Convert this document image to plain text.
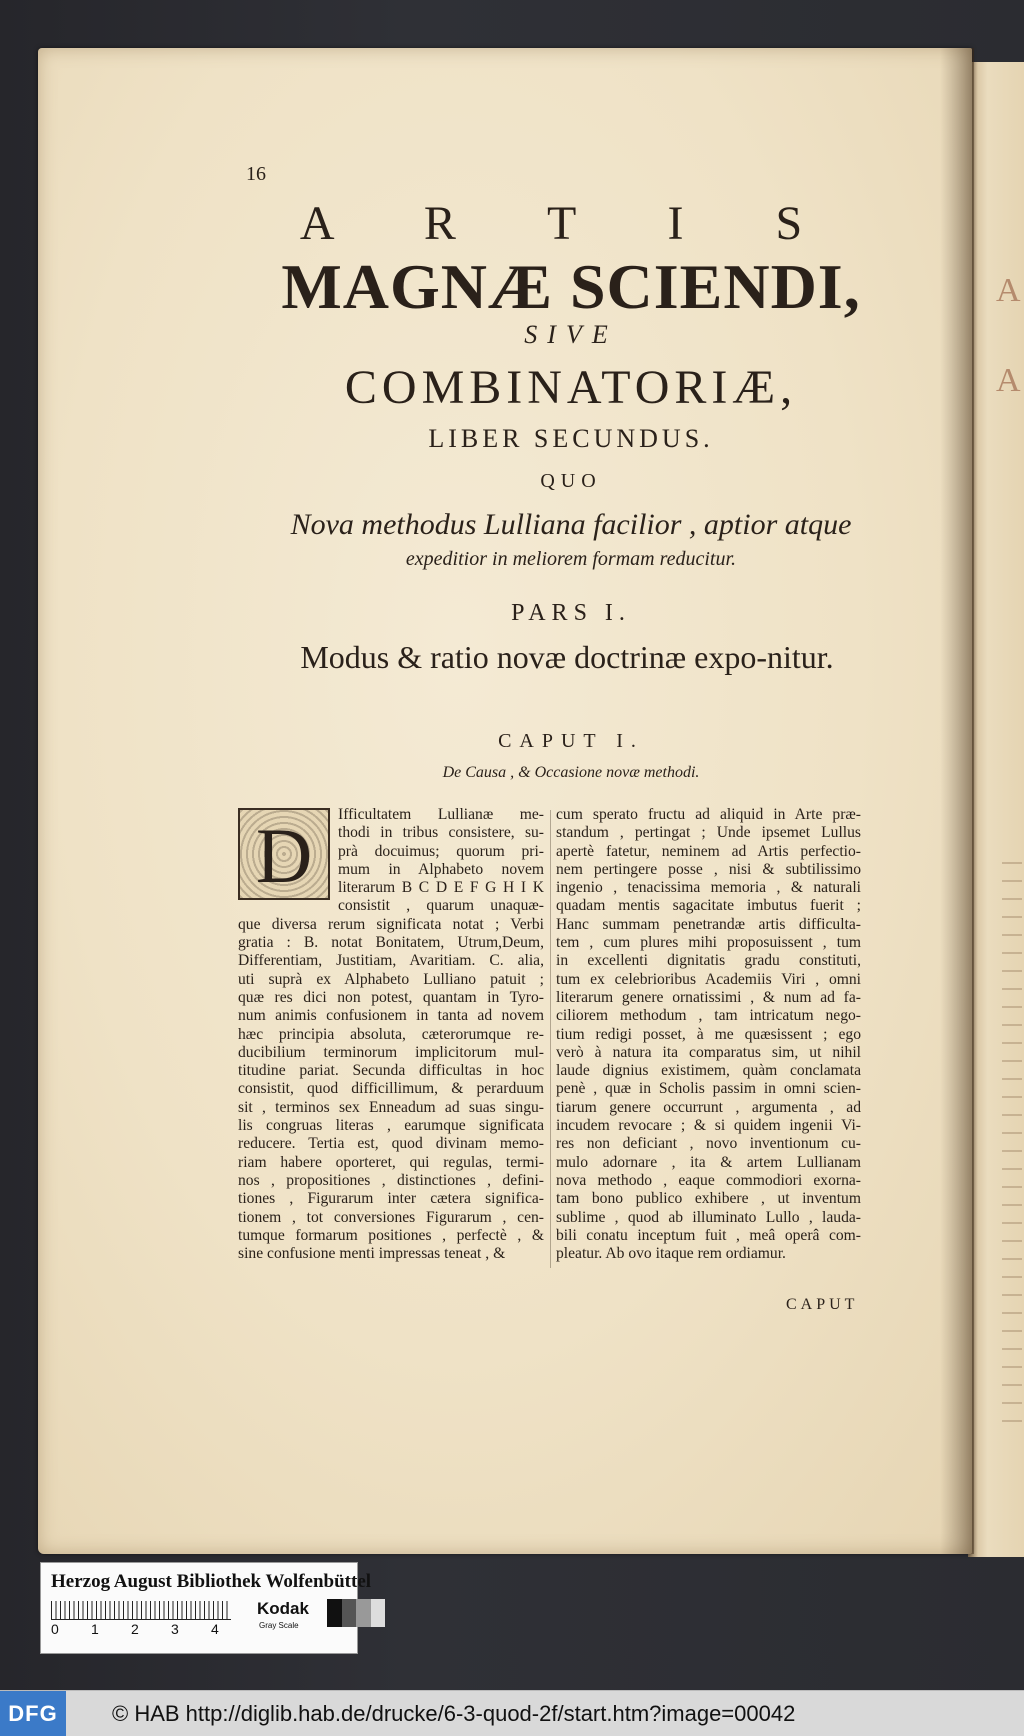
A
A
16
A R T I S
MAGNÆ SCIENDI,
SIVE
COMBINATORIÆ,
LIBER SECUNDUS.
QUO
Nova methodus Lulliana facilior , aptior atque
expeditior in meliorem formam reducitur.
PARS I.
Modus & ratio novæ doctrinæ expo-nitur.
CAPUT I.
De Causa , & Occasione novæ methodi.
D	Ifficultatem Lullianæ me-
thodi in tribus consistere, su-
prà docuimus; quorum pri-
mum in Alphabeto novem
literarum B C D E F G H I K
consistit , quarum unaquæ-
que diversa rerum significata notat ; Verbi
gratia : B. notat Bonitatem, Utrum,Deum,
Differentiam, Justitiam, Avaritiam. C. alia,
uti suprà ex Alphabeto Lulliano patuit ;
quæ res dici non potest, quantam in Tyro-
num animis confusionem in tanta ad novem
hæc principia absoluta, cæterorumque re-
ducibilium terminorum implicitorum mul-
titudine pariat. Secunda difficultas in hoc
consistit, quod difficillimum, & perarduum
sit , terminos sex Enneadum ad suas singu-
lis congruas literas , earumque significata
reducere. Tertia est, quod divinam memo-
riam habere oporteret, qui regulas, termi-
nos , propositiones , distinctiones , defini-
tiones , Figurarum inter cætera significa-
tionem , tot conversiones Figurarum , cen-
tumque formarum positiones , perfectè , &
sine confusione menti impressas teneat , &
cum sperato fructu ad aliquid in Arte præ-
standum , pertingat ; Unde ipsemet Lullus
apertè fatetur, neminem ad Artis perfectio-
nem pertingere posse , nisi & subtilissimo
ingenio , tenacissima memoria , & naturali
quadam mentis sagacitate imbutus fuerit ;
Hanc summam penetrandæ artis difficulta-
tem , cum plures mihi proposuissent , tum
in excellenti dignitatis gradu constituti,
tum ex celebrioribus Academiis Viri , omni
literarum genere ornatissimi , & num ad fa-
ciliorem methodum , tam intricatum nego-
tium redigi posset, à me quæsissent ; ego
verò à natura ita comparatus sim, ut nihil
laude dignius existimem, quàm conclamata
penè , quæ in Scholis passim in omni scien-
tiarum genere occurrunt , argumenta , ad
incudem revocare ; & si quidem ingenii Vi-
res non deficiant , novo inventionum cu-
mulo adornare , ita & artem Lullianam
nova methodo , eaque commodiori exorna-
tam bono publico exhibere , ut inventum
sublime , quod ab illuminato Lullo , lauda-
bili conatu inceptum fuit , meâ operâ com-
pleatur. Ab ovo itaque rem ordiamur.
CAPUT
Herzog August Bibliothek Wolfenbüttel
0 1 2 3 4
Kodak
Gray Scale
DFG	© HAB http://diglib.hab.de/drucke/6-3-quod-2f/start.htm?image=00042
